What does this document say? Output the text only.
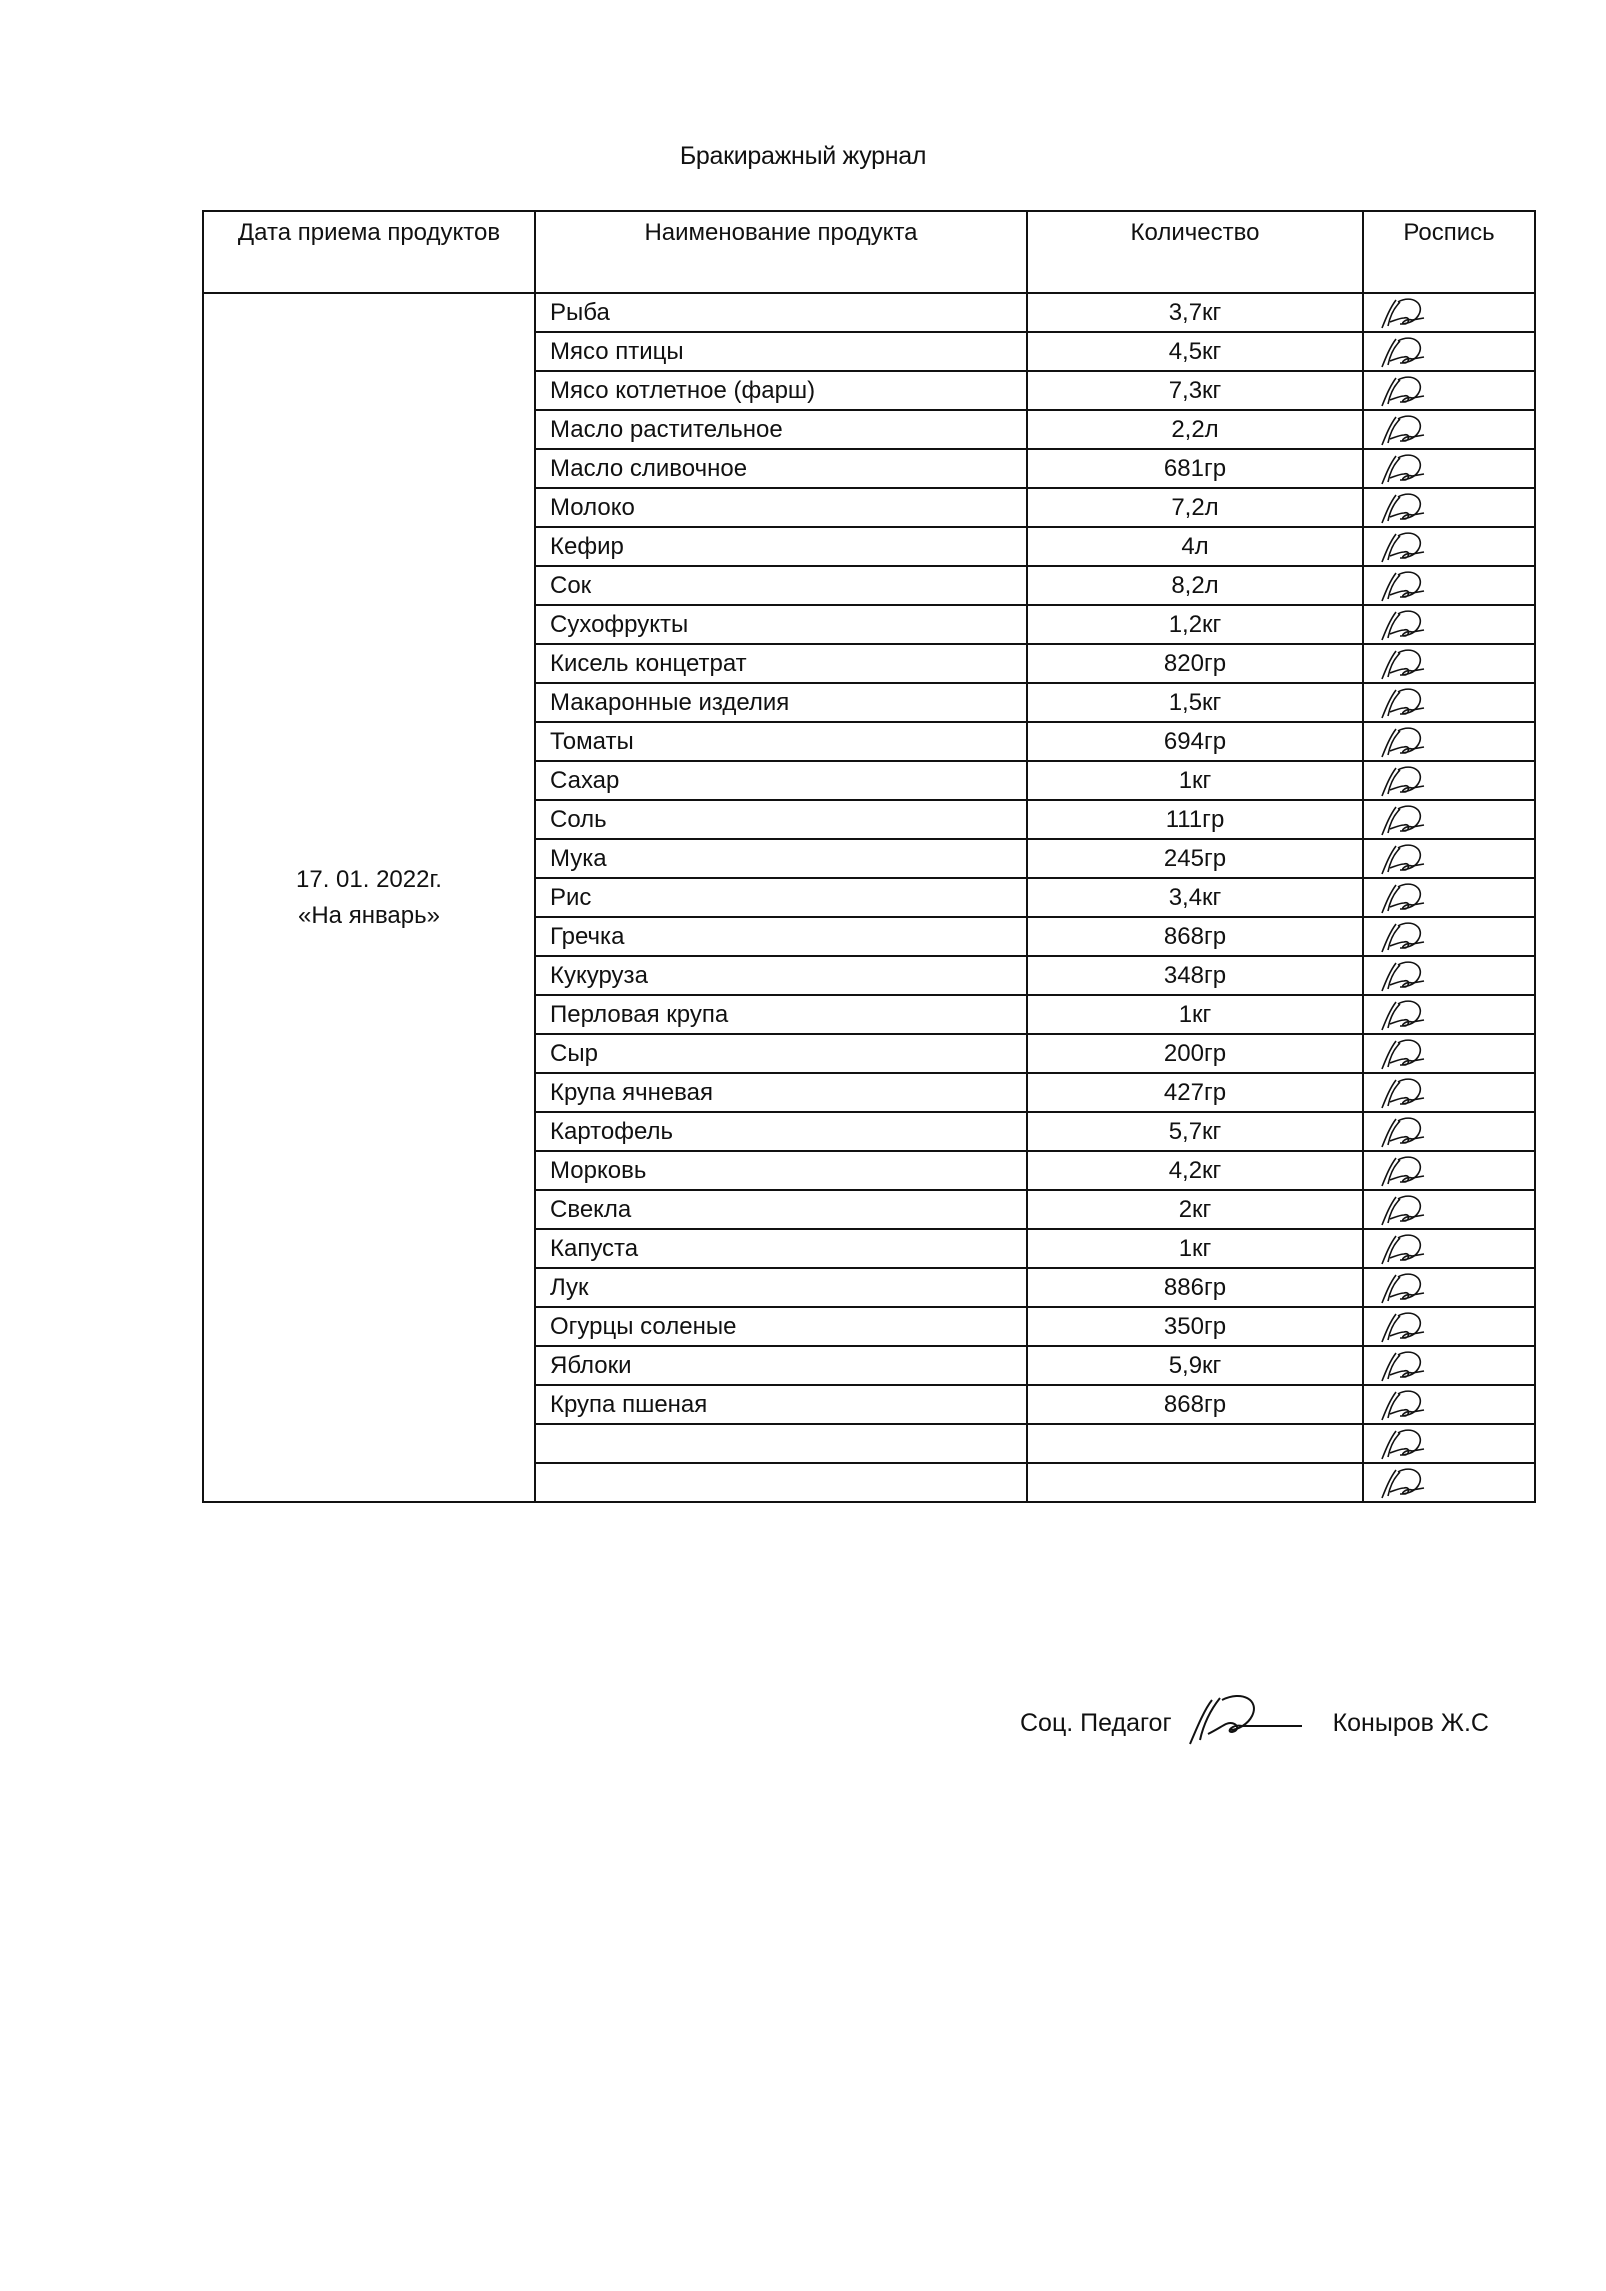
Бракиражный журнал
Дата приема продуктов	Наименование продукта	Количество	Роспись

17. 01. 2022г.
«На январь»	Рыба	3,7кг	

	Мясо птицы	4,5кг	

	Мясо котлетное (фарш)	7,3кг	

	Масло растительное	2,2л	

	Масло сливочное	681гр	

	Молоко	7,2л	

	Кефир	4л	

	Сок	8,2л	

	Сухофрукты	1,2кг	

	Кисель концетрат	820гр	

	Макаронные изделия	1,5кг	

	Томаты	694гр	

	Сахар	1кг	

	Соль	111гр	

	Мука	245гр	

	Рис	3,4кг	

	Гречка	868гр	

	Кукуруза	348гр	

	Перловая крупа	1кг	

	Сыр	200гр	

	Крупа ячневая	427гр	

	Картофель	5,7кг	

	Морковь	4,2кг	

	Свекла	2кг	

	Капуста	1кг	

	Лук	886гр	

	Огурцы соленые	350гр	

	Яблоки	5,9кг	

	Крупа пшеная	868гр	

Соц. Педагог	Коныров Ж.С
